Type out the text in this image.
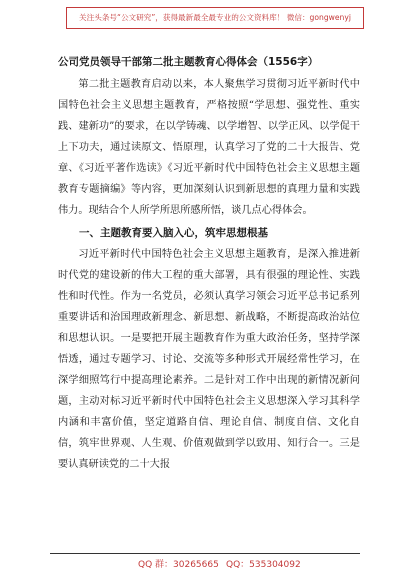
关注头条号“公文研究”，获得最新最全最专业的公文资料库！ 微信：gongwenyj
公司党员领导干部第二批主题教育心得体会（1556字）

第二批主题教育启动以来，本人聚焦学习贯彻习近平新时代中国特色社会主义思想主题教育，严格按照“学思想、强党性、重实践、建新功”的要求，在以学铸魂、以学增智、以学正风、以学促干上下功夫，通过读原文、悟原理，认真学习了党的二十大报告、党章、《习近平著作选读》《习近平新时代中国特色社会主义思想主题教育专题摘编》等内容，更加深刻认识到新思想的真理力量和实践伟力。现结合个人所学所思所感所悟，谈几点心得体会。

一、主题教育要入脑入心，筑牢思想根基

习近平新时代中国特色社会主义思想主题教育，是深入推进新时代党的建设新的伟大工程的重大部署，具有很强的理论性、实践性和时代性。作为一名党员，必须认真学习领会习近平总书记系列重要讲话和治国理政新理念、新思想、新战略，不断提高政治站位和思想认识。一是要把开展主题教育作为重大政治任务，坚持学深悟透，通过专题学习、讨论、交流等多种形式开展经常性学习，在深学细照笃行中提高理论素养。二是针对工作中出现的新情况新问题，主动对标习近平新时代中国特色社会主义思想深入学习其科学内涵和丰富价值，坚定道路自信、理论自信、制度自信、文化自信，筑牢世界观、人生观、价值观做到学以致用、知行合一。三是要认真研读党的二十大报

QQ 群：30265665 QQ：535304092
